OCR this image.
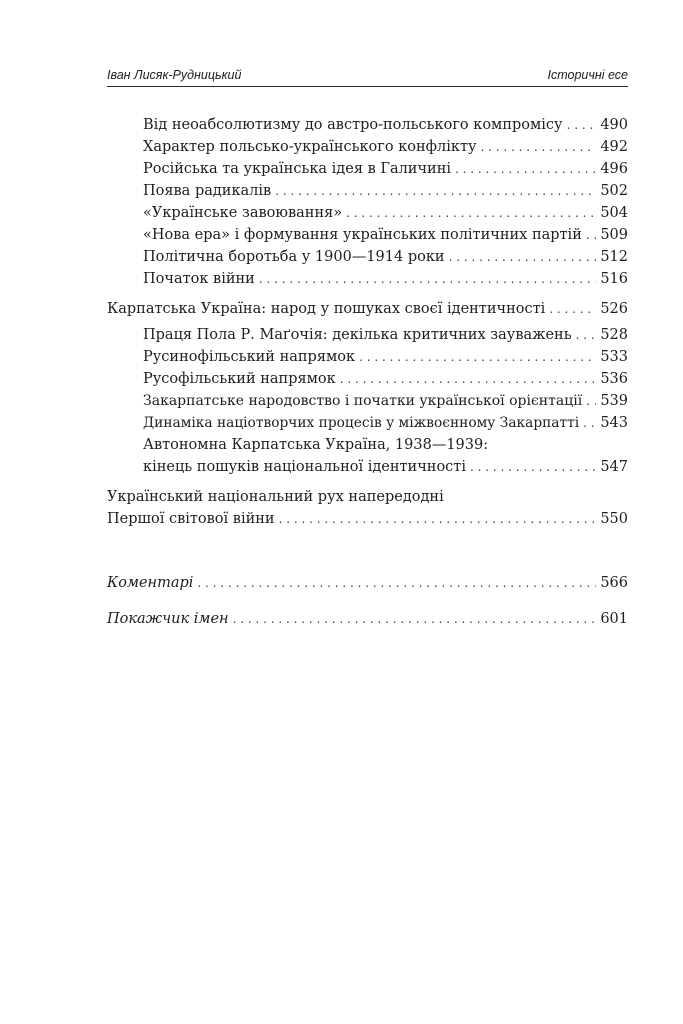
Іван Лисяк-Рудницький	Історичні есе
Від неоабсолютизму до австро-польського компромісу . . .	490
Характер польсько-українського конфлікту . . .	492
Російська та українська ідея в Галичині . . .	496
Поява радикалів . . .	502
«Українське завоювання» . . .	504
«Нова ера» і формування українських політичних партій . . . 509
Політична боротьба у 1900—1914 роки . . .	512
Початок війни . . .	516
Карпатська Україна: народ у пошуках своєї ідентичності . . .	526
Праця Пола Р. Маґочія: декілька критичних зауважень . . . 528
Русинофільський напрямок . . .	533
Русофільський напрямок . . .	536
Закарпатське народовство і початки української орієнтації . . . 539
Динаміка націотворчих процесів у міжвоєнному Закарпатті . . . 543
Автономна Карпатська Україна, 1938—1939:
кінець пошуків національної ідентичності . . .	547
Український національний рух напередодні
Першої світової війни . . .	550
Коментарі . . .	566
Покажчик імен . . .	601
